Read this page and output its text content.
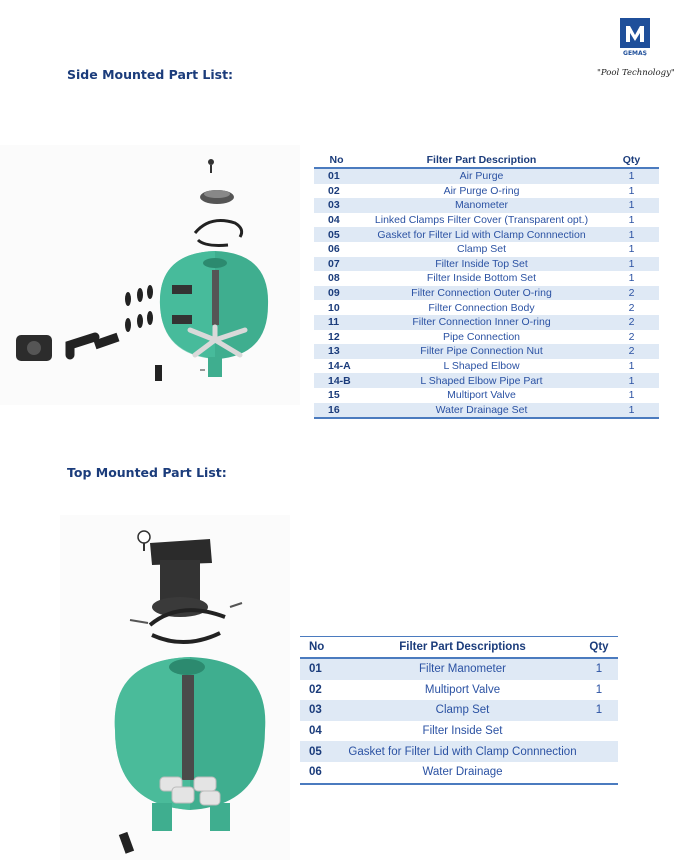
GEMAŞ
"Pool Technology"
Side Mounted Part List:
Top Mounted Part List:
No	Filter Part Description	Qty
01	Air Purge	1
02	Air Purge O-ring	1
03	Manometer	1
04	Linked Clamps Filter Cover (Transparent opt.)	1
05	Gasket for Filter Lid with Clamp Connnection	1
06	Clamp Set	1
07	Filter Inside Top Set	1
08	Filter Inside Bottom Set	1
09	Filter Connection Outer O-ring	2
10	Filter Connection Body	2
11	Filter Connection Inner O-ring	2
12	Pipe Connection	2
13	Filter Pipe Connection Nut	2
14-A	L Shaped Elbow	1
14-B	L Shaped Elbow Pipe Part	1
15	Multiport Valve	1
16	Water Drainage Set	1
No	Filter Part Descriptions	Qty
01	Filter Manometer	1
02	Multiport Valve	1
03	Clamp Set	1
04	Filter Inside Set	
05	Gasket for Filter Lid with Clamp Connnection	
06	Water Drainage	
